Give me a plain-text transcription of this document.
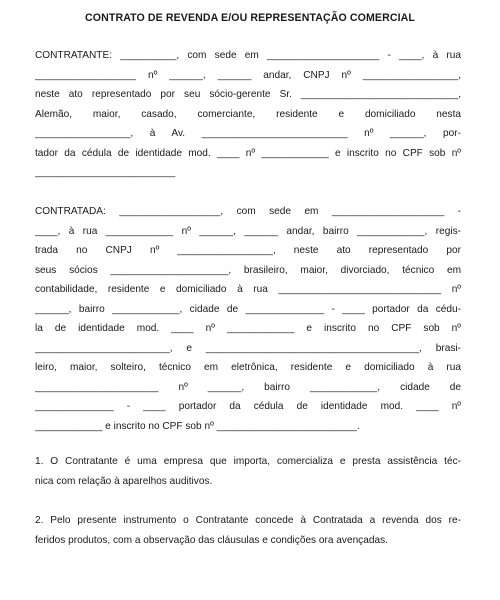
CONTRATO DE REVENDA E/OU REPRESENTAÇÃO COMERCIAL
CONTRATANTE: __________, com sede em ____________________ - ____, à rua
__________________ nº ______, ______ andar, CNPJ nº _________________,
neste ato representado por seu sócio-gerente Sr. ____________________________,
Alemão, maior, casado, comerciante, residente e domiciliado nesta
_________________, à Av. __________________________ nº ______, por-
tador da cédula de identidade mod. ____ nº ____________ e inscrito no CPF sob nº
_________________________
CONTRATADA: __________________, com sede em ____________________ -
____, à rua ____________ nº ______, ______ andar, bairro ____________, regis-
trada no CNPJ nº _________________, neste ato representado por
seus sócios _____________________, brasileiro, maior, divorciado, técnico em
contabilidade, residente e domiciliado à rua _____________________________ nº
______, bairro ____________, cidade de ______________ - ____ portador da cédu-
la de identidade mod. ____ nº ____________ e inscrito no CPF sob nº
________________________, e ______________________________________, brasi-
leiro, maior, solteiro, técnico em eletrônica, residente e domiciliado à rua
______________________ nº ______, bairro ____________, cidade de
______________ - ____ portador da cédula de identidade mod. ____ nº
____________ e inscrito no CPF sob nº _________________________.
1. O Contratante é uma empresa que importa, comercializa e presta assistência téc-
nica com relação à aparelhos auditivos.
2. Pelo presente instrumento o Contratante concede à Contratada a revenda dos re-
feridos produtos, com a observação das cláusulas e condições ora avençadas.
